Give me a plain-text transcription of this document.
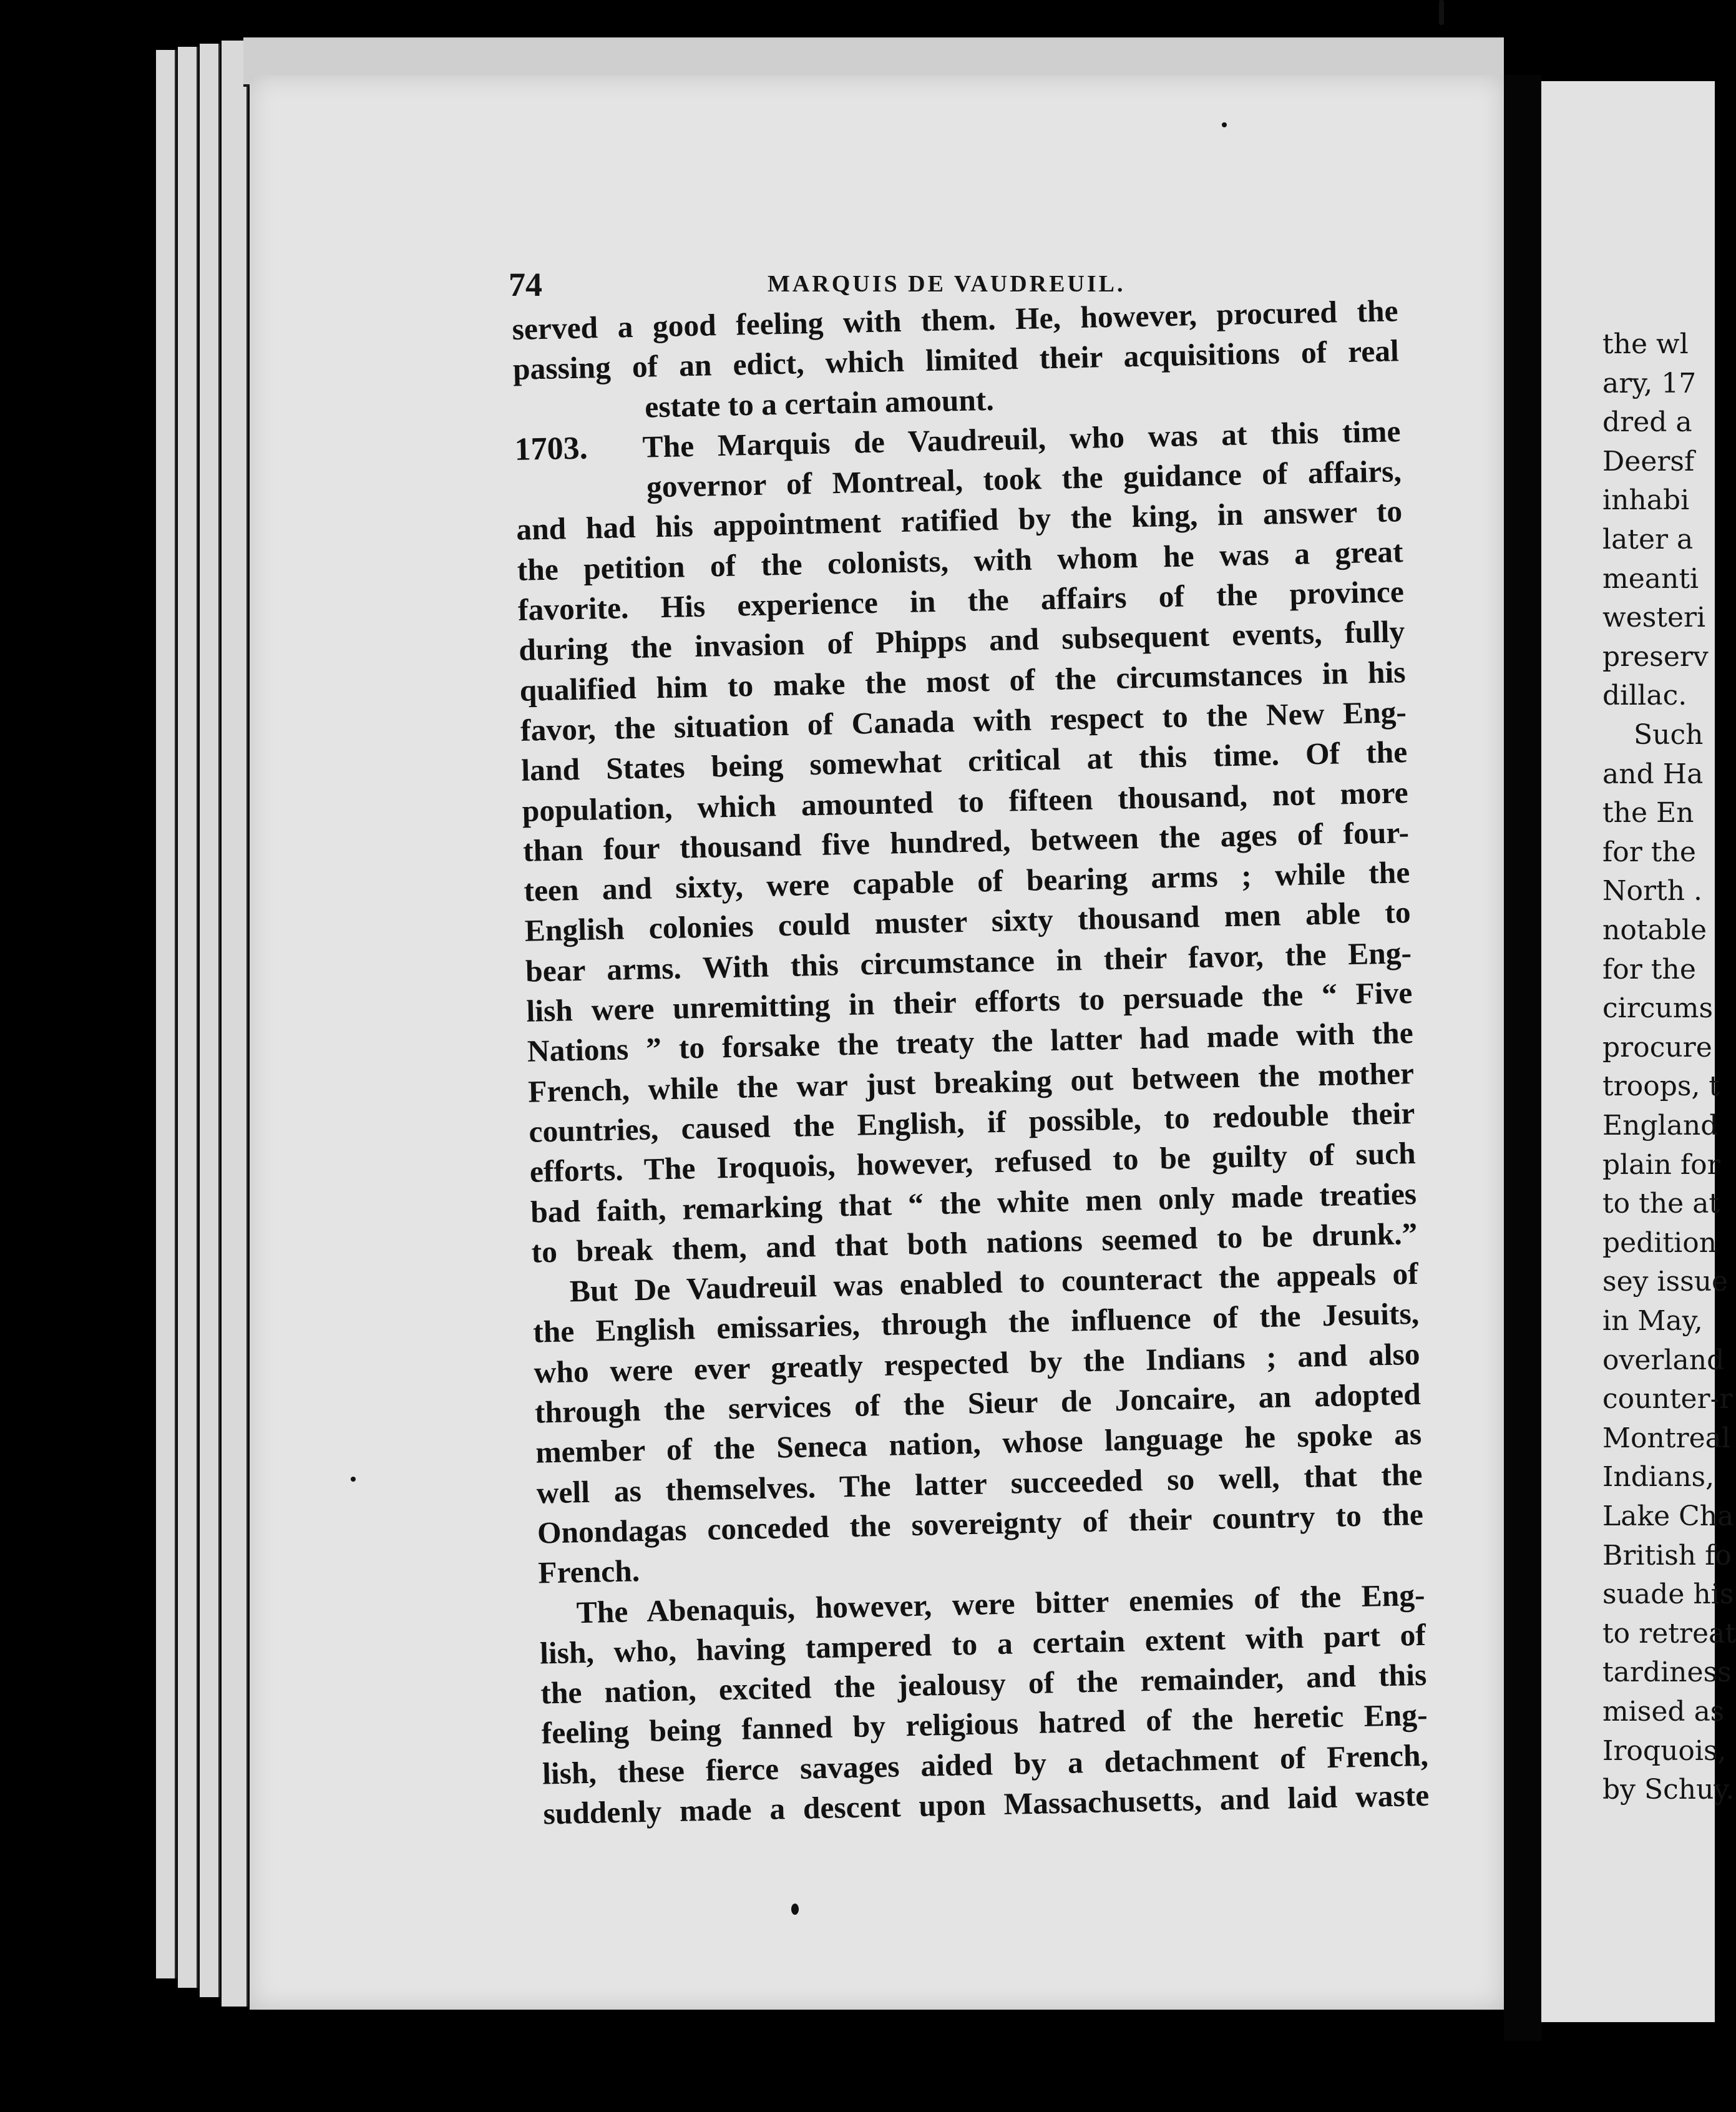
the wl
ary, 17
dred a
Deersf
inhabi
later a
meanti
westeri
preserv
dillac.
Such
and Ha
the En
for the
North .
notable
for the
circums
procure
troops, t
England
plain for
to the at
pedition
sey issue
in May,
overland
counter-r
Montreal
Indians,
Lake Cha
British fo
suade his
to retreat
tardiness
mised as
Iroquois,
by Schuy.
74	MARQUIS DE VAUDREUIL.
served a good feeling with them. He, however, procured the
passing of an edict, which limited their acquisitions of real
estate to a certain amount.
1703. The Marquis de Vaudreuil, who was at this time
governor of Montreal, took the guidance of affairs,
and had his appointment ratified by the king, in answer to
the petition of the colonists, with whom he was a great
favorite. His experience in the affairs of the province
during the invasion of Phipps and subsequent events, fully
qualified him to make the most of the circumstances in his
favor, the situation of Canada with respect to the New Eng-
land States being somewhat critical at this time. Of the
population, which amounted to fifteen thousand, not more
than four thousand five hundred, between the ages of four-
teen and sixty, were capable of bearing arms ; while the
English colonies could muster sixty thousand men able to
bear arms. With this circumstance in their favor, the Eng-
lish were unremitting in their efforts to persuade the “ Five
Nations ” to forsake the treaty the latter had made with the
French, while the war just breaking out between the mother
countries, caused the English, if possible, to redouble their
efforts. The Iroquois, however, refused to be guilty of such
bad faith, remarking that “ the white men only made treaties
to break them, and that both nations seemed to be drunk.”
But De Vaudreuil was enabled to counteract the appeals of
the English emissaries, through the influence of the Jesuits,
who were ever greatly respected by the Indians ; and also
through the services of the Sieur de Joncaire, an adopted
member of the Seneca nation, whose language he spoke as
well as themselves. The latter succeeded so well, that the
Onondagas conceded the sovereignty of their country to the
French.
The Abenaquis, however, were bitter enemies of the Eng-
lish, who, having tampered to a certain extent with part of
the nation, excited the jealousy of the remainder, and this
feeling being fanned by religious hatred of the heretic Eng-
lish, these fierce savages aided by a detachment of French,
suddenly made a descent upon Massachusetts, and laid waste
